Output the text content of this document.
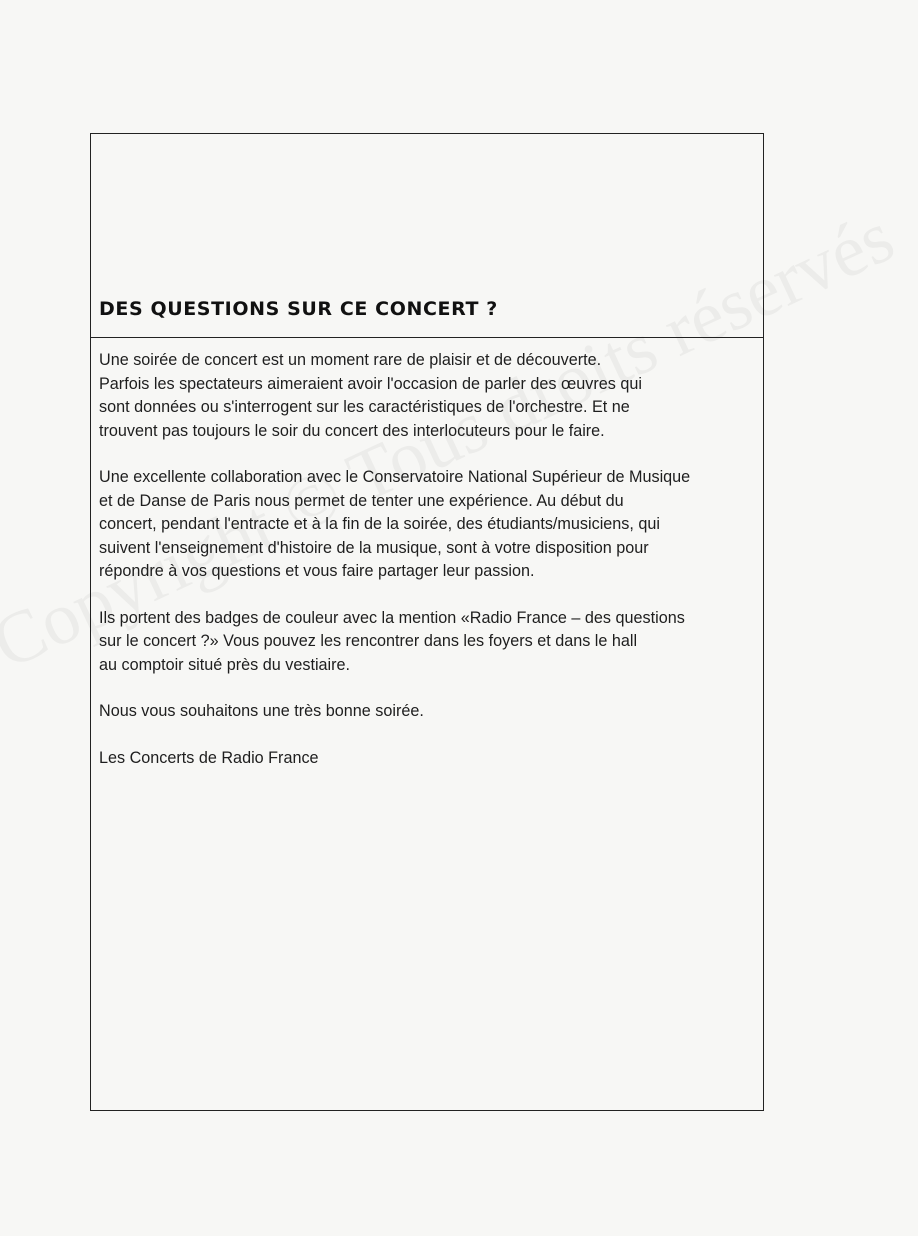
DES QUESTIONS SUR CE CONCERT ?

Une soirée de concert est un moment rare de plaisir et de découverte.
Parfois les spectateurs aimeraient avoir l'occasion de parler des œuvres qui
sont données ou s'interrogent sur les caractéristiques de l'orchestre. Et ne
trouvent pas toujours le soir du concert des interlocuteurs pour le faire.

Une excellente collaboration avec le Conservatoire National Supérieur de Musique
et de Danse de Paris nous permet de tenter une expérience. Au début du
concert, pendant l'entracte et à la fin de la soirée, des étudiants/musiciens, qui
suivent l'enseignement d'histoire de la musique, sont à votre disposition pour
répondre à vos questions et vous faire partager leur passion.

Ils portent des badges de couleur avec la mention «Radio France – des questions
sur le concert ?» Vous pouvez les rencontrer dans les foyers et dans le hall
au comptoir situé près du vestiaire.

Nous vous souhaitons une très bonne soirée.

Les Concerts de Radio France
